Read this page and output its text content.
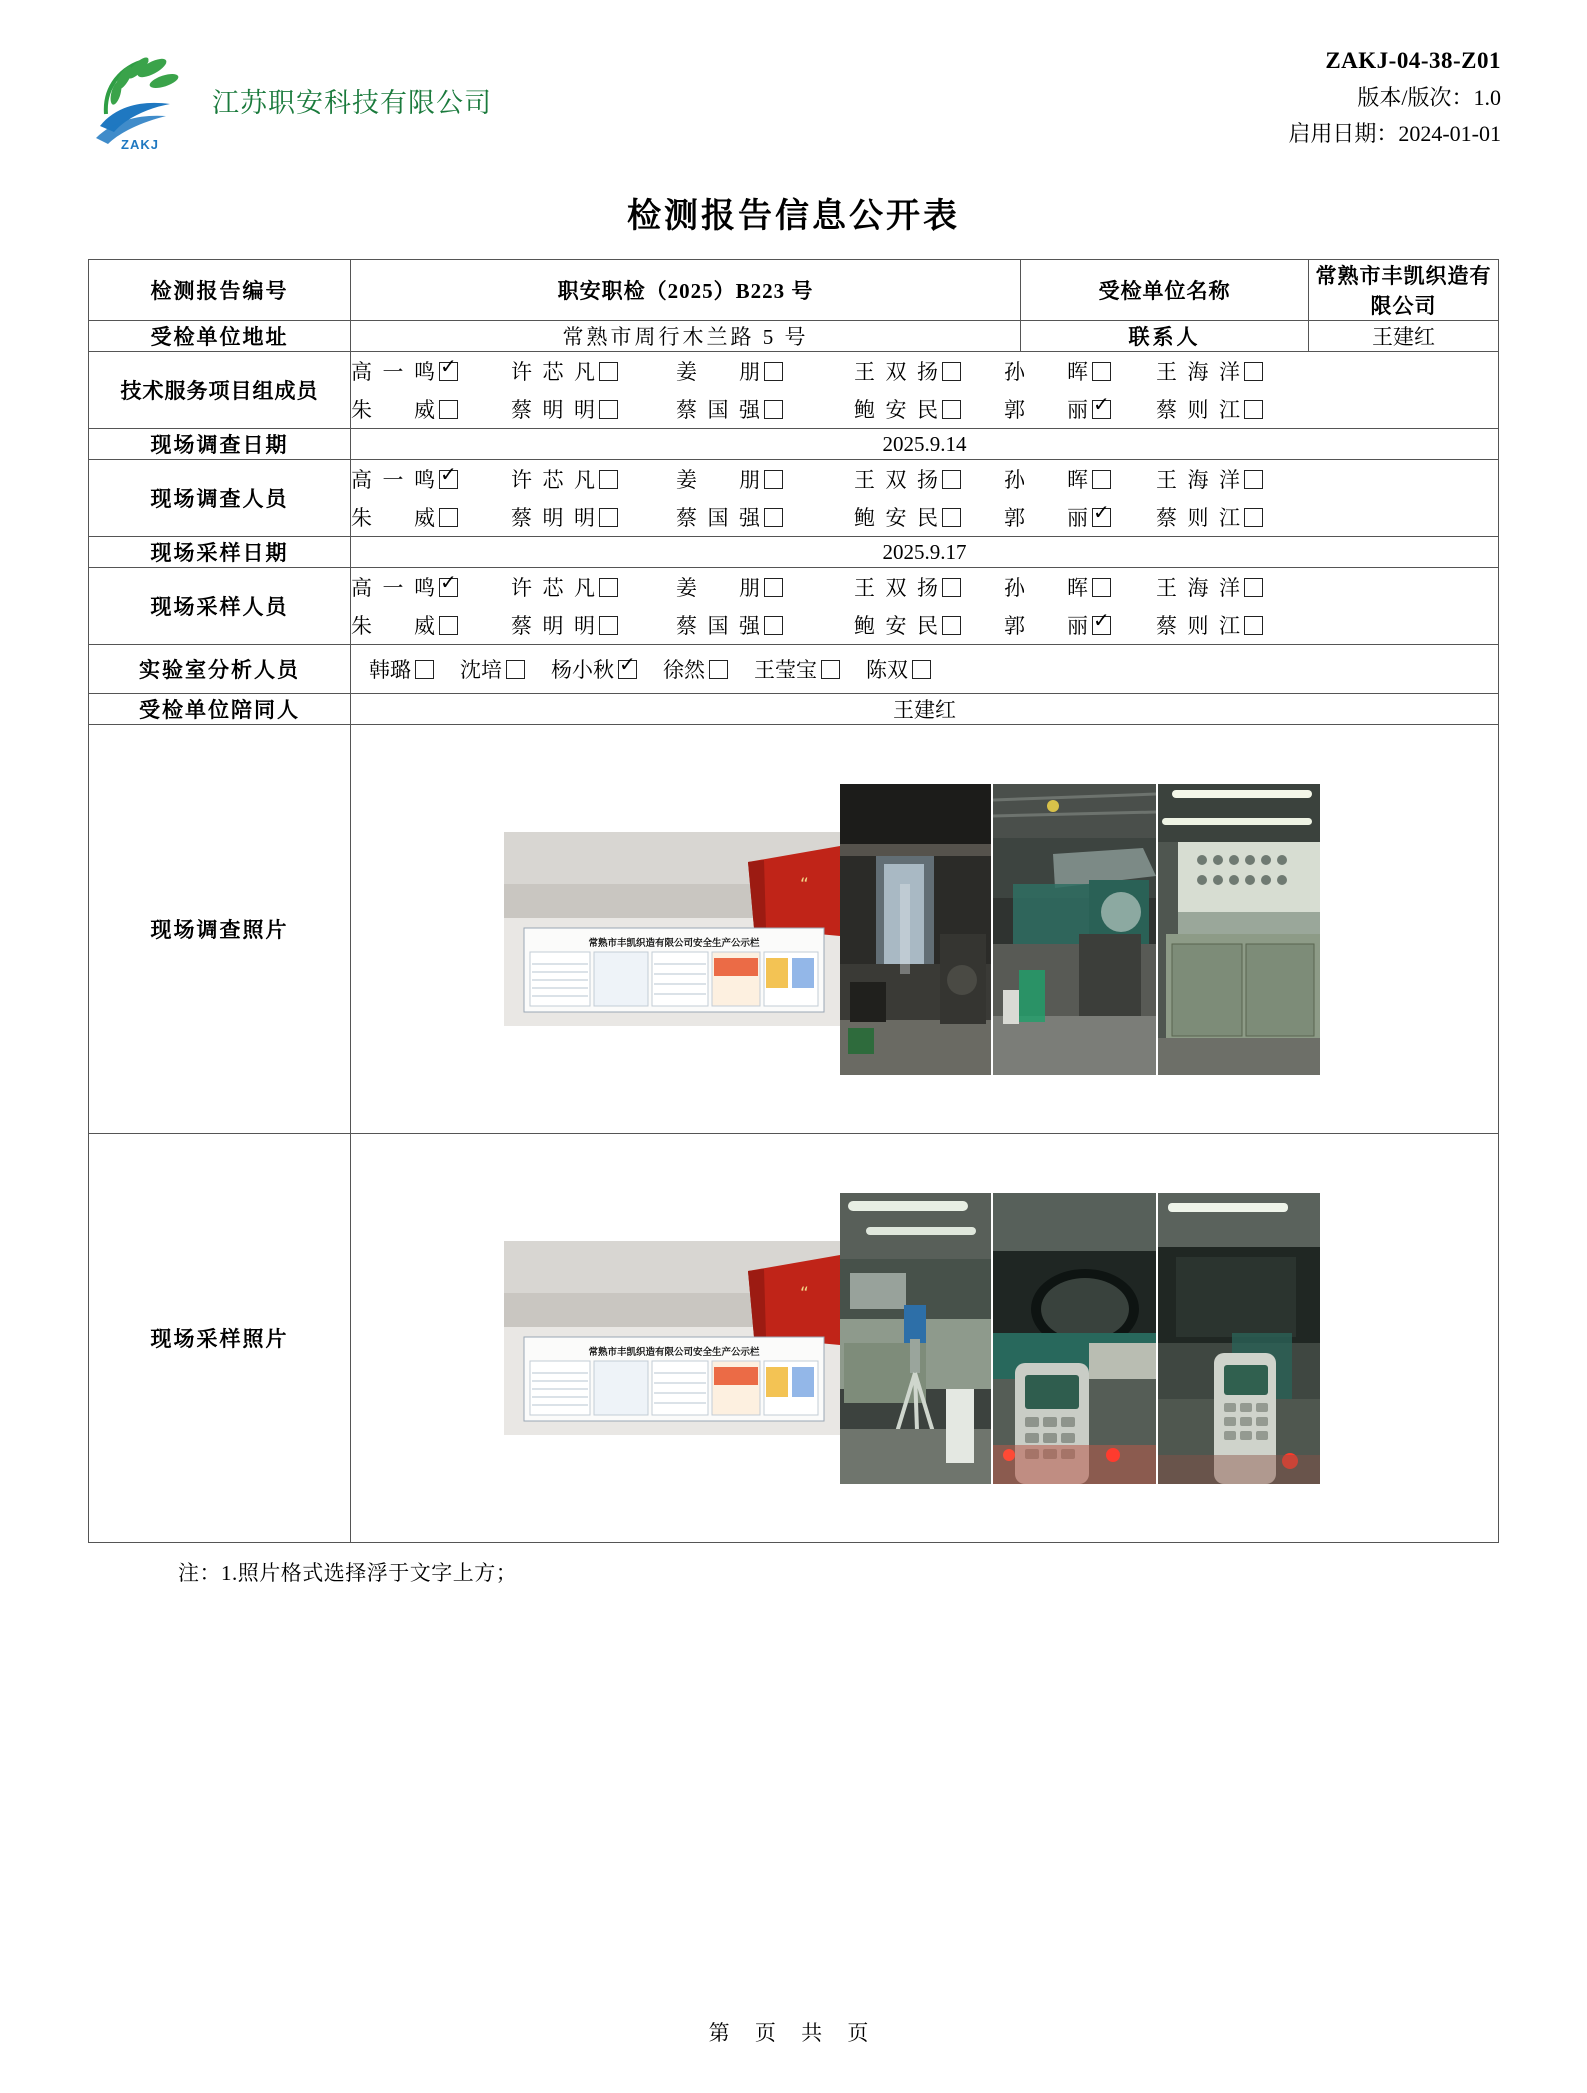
ZAKJ
江苏职安科技有限公司
ZAKJ-04-38-Z01
版本/版次：1.0
启用日期：2024-01-01
检测报告信息公开表
检测报告编号	职安职检（2025）B223 号	受检单位名称	常熟市丰凯织造有限公司
受检单位地址	常熟市周行木兰路 5 号	联系人	王建红
技术服务项目组成员	
高一鸣 ✓	许芯凡	姜　朋	王双扬	孙　晖	王海洋
朱　威	蔡明明	蔡国强	鲍安民	郭　丽 ✓	蔡则江

现场调查日期	2025.9.14		
现场调查人员	
高一鸣 ✓	许芯凡	姜　朋	王双扬	孙　晖	王海洋
朱　威	蔡明明	蔡国强	鲍安民	郭　丽 ✓	蔡则江

现场采样日期	2025.9.17		
现场采样人员	
高一鸣 ✓	许芯凡	姜　朋	王双扬	孙　晖	王海洋
朱　威	蔡明明	蔡国强	鲍安民	郭　丽 ✓	蔡则江

实验室分析人员	韩璐 沈培 杨小秋 ✓ 徐然 王莹宝 陈双

受检单位陪同人	王建红		
现场调查照片	“
常熟市丰凯织造有限公司安全生产公示栏		

现场采样照片	“
常熟市丰凯织造有限公司安全生产公示栏		
注：1.照片格式选择浮于文字上方；
第 页 共 页
